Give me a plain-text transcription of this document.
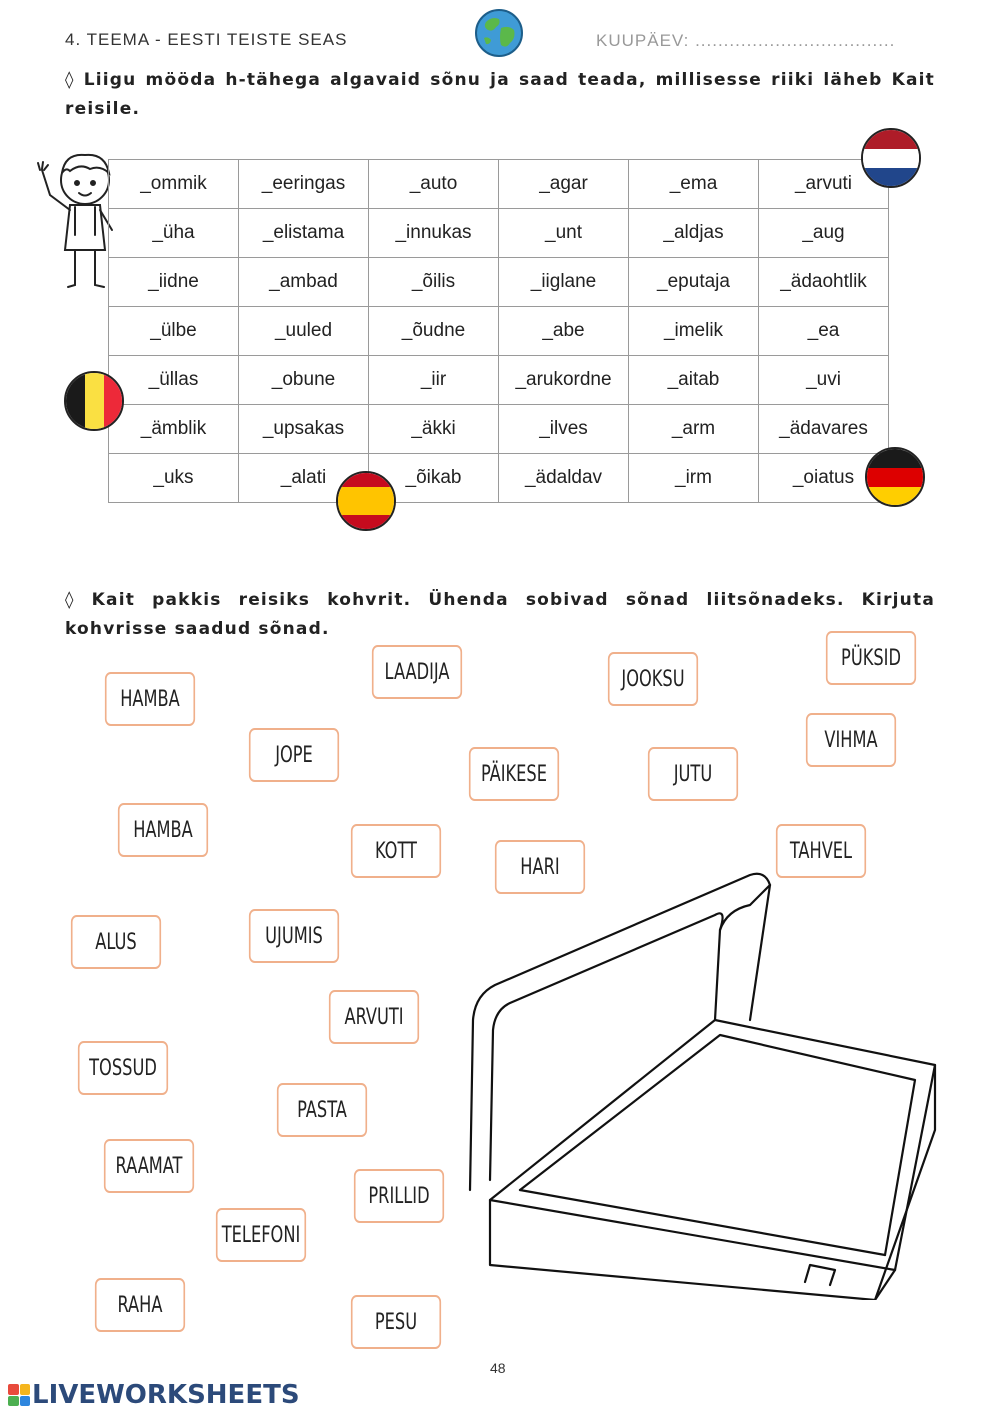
4. TEEMA - EESTI TEISTE SEAS	KUUPÄEV: ...................................
◊ Liigu mööda h-tähega algavaid sõnu ja saad teada, millisesse riiki läheb Kait reisile.
_ommik	_eeringas	_auto	_agar	_ema	_arvuti
_üha	_elistama	_innukas	_unt	_aldjas	_aug
_iidne	_ambad	_õilis	_iiglane	_eputaja	_ädaohtlik
_ülbe	_uuled	_õudne	_abe	_imelik	_ea
_üllas	_obune	_iir	_arukordne	_aitab	_uvi
_ämblik	_upsakas	_äkki	_ilves	_arm	_ädavares
_uks	_alati	_õikab	_ädaldav	_irm	_oiatus
◊ Kait pakkis reisiks kohvrit. Ühenda sobivad sõnad liitsõnadeks. Kirjuta kohvrisse saadud sõnad.
HAMBA
LAADIJA	JOOKSU
PÜKSID
JOPE
PÄIKESE	JUTU
VIHMA
HAMBA
KOTT
HARI
TAHVEL
ALUS	UJUMIS
ARVUTI
TOSSUD
PASTA
RAAMAT
PRILLID
TELEFONI
RAHA
PESU
48
LIVEWORKSHEETS
